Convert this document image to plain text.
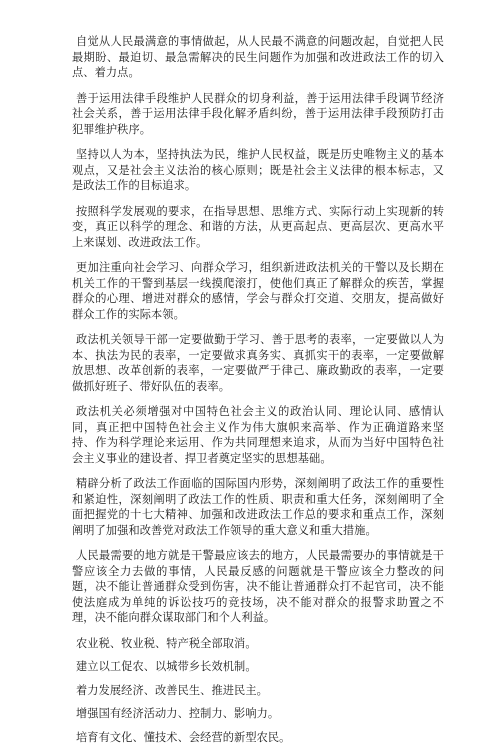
自觉从人民最满意的事情做起，从人民最不满意的问题改起，自觉把人民最期盼、最迫切、最急需解决的民生问题作为加强和改进政法工作的切入点、着力点。

善于运用法律手段维护人民群众的切身利益，善于运用法律手段调节经济社会关系，善于运用法律手段化解矛盾纠纷，善于运用法律手段预防打击犯罪维护秩序。

坚持以人为本，坚持执法为民，维护人民权益，既是历史唯物主义的基本观点，又是社会主义法治的核心原则；既是社会主义法律的根本标志，又是政法工作的目标追求。

按照科学发展观的要求，在指导思想、思维方式、实际行动上实现新的转变，真正以科学的理念、和谐的方法，从更高起点、更高层次、更高水平上来谋划、改进政法工作。

更加注重向社会学习、向群众学习，组织新进政法机关的干警以及长期在机关工作的干警到基层一线摸爬滚打，使他们真正了解群众的疾苦，掌握群众的心理、增进对群众的感情，学会与群众打交道、交朋友，提高做好群众工作的实际本领。

政法机关领导干部一定要做勤于学习、善于思考的表率，一定要做以人为本、执法为民的表率，一定要做求真务实、真抓实干的表率，一定要做解放思想、改革创新的表率，一定要做严于律己、廉政勤政的表率，一定要做抓好班子、带好队伍的表率。

政法机关必须增强对中国特色社会主义的政治认同、理论认同、感情认同，真正把中国特色社会主义作为伟大旗帜来高举、作为正确道路来坚持、作为科学理论来运用、作为共同理想来追求，从而为当好中国特色社会主义事业的建设者、捍卫者奠定坚实的思想基础。

精辟分析了政法工作面临的国际国内形势，深刻阐明了政法工作的重要性和紧迫性，深刻阐明了政法工作的性质、职责和重大任务，深刻阐明了全面把握党的十七大精神、加强和改进政法工作总的要求和重点工作，深刻阐明了加强和改善党对政法工作领导的重大意义和重大措施。

人民最需要的地方就是干警最应该去的地方，人民最需要办的事情就是干警应该全力去做的事情，人民最反感的问题就是干警应该全力整改的问题，决不能让普通群众受到伤害，决不能让普通群众打不起官司，决不能使法庭成为单纯的诉讼技巧的竞技场，决不能对群众的报警求助置之不理，决不能向群众谋取部门和个人利益。

农业税、牧业税、特产税全部取消。

建立以工促农、以城带乡长效机制。

着力发展经济、改善民生、推进民主。

增强国有经济活动力、控制力、影响力。

培育有文化、懂技术、会经营的新型农民。
